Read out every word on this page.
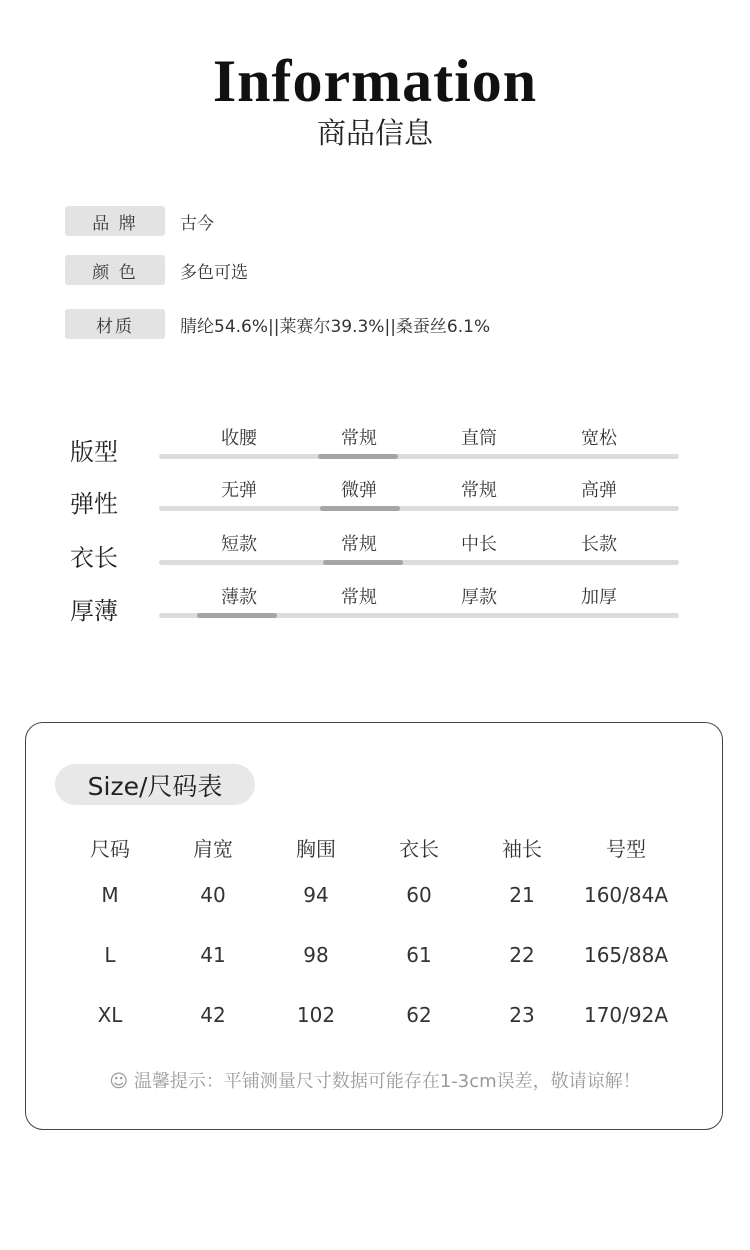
Information
商品信息
品 牌	古今
颜 色	多色可选
材质	腈纶54.6%||莱赛尔39.3%||桑蚕丝6.1%
版型	收腰	常规	直筒	宽松
弹性	无弹	微弹	常规	高弹
衣长	短款	常规	中长	长款
厚薄	薄款	常规	厚款	加厚
Size/尺码表
尺码	肩宽	胸围	衣长	袖长	号型
M	40	94	60	21	160/84A
L	41	98	61	22	165/88A
XL	42	102	62	23	170/92A
☺ 温馨提示：平铺测量尺寸数据可能存在1-3cm误差，敬请谅解！
